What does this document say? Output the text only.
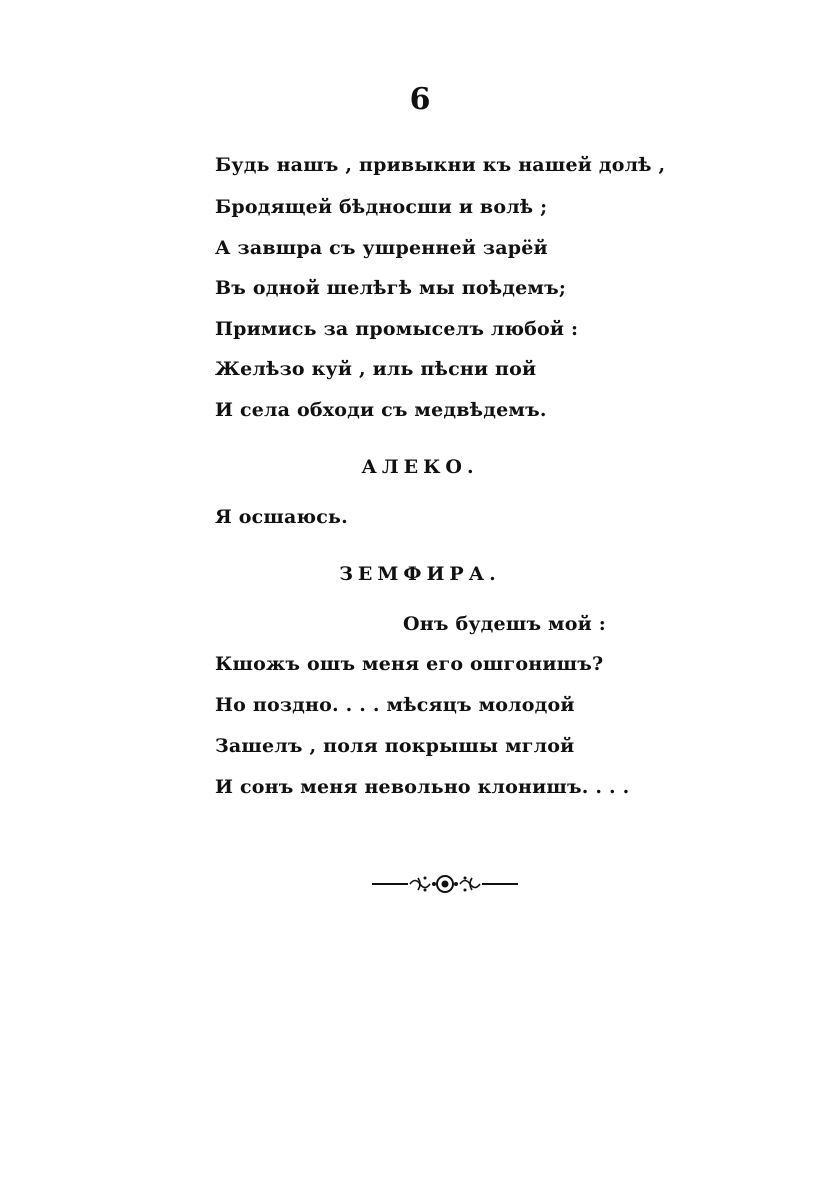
6
Будь нашъ , привыкни къ нашей долѣ ,
Бродящей бѣдносши и волѣ ;
А завшра съ ушренней зарёй
Въ одной шелѣгѣ мы поѣдемъ;
Примись за промыселъ любой :
Желѣзо куй , иль пѣсни пой
И села обходи съ медвѣдемъ.
АЛЕКО.
Я осшаюсь.
ЗЕМФИРА.
Онъ будешъ мой :
Кшожъ ошъ меня его ошгонишъ?
Но поздно. . . . мѣсяцъ молодой
Зашелъ , поля покрышы мглой
И сонъ меня невольно клонишъ. . . .
